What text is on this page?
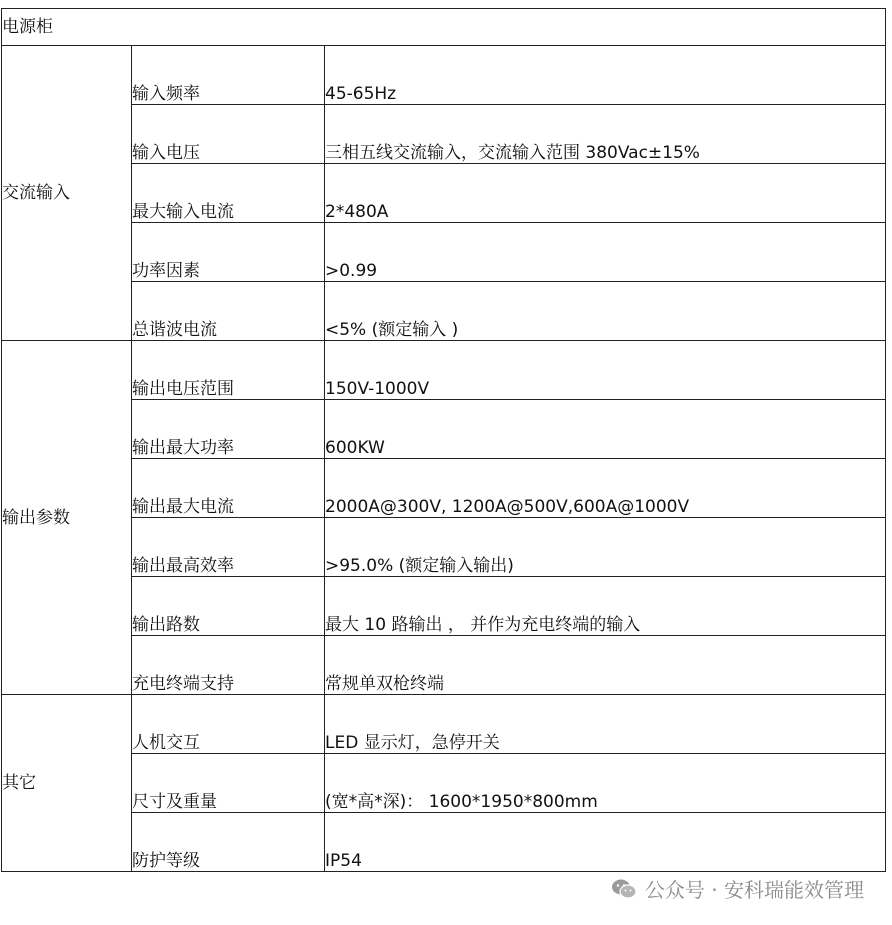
电源柜		
交流输入	输入频率	45-65Hz
	输入电压	三相五线交流输入，交流输入范围 380Vac±15%
	最大输入电流	2*480A
	功率因素	>0.99
	总谐波电流	<5% (额定输入 )
输出参数	输出电压范围	150V-1000V
	输出最大功率	600KW
	输出最大电流	2000A@300V, 1200A@500V,600A@1000V
	输出最高效率	>95.0% (额定输入输出)
	输出路数	最大 10 路输出 ， 并作为充电终端的输入
	充电终端支持	常规单双枪终端
其它	人机交互	LED 显示灯，急停开关
	尺寸及重量	(宽*高*深)： 1600*1950*800mm
	防护等级	IP54
公众号 · 安科瑞能效管理
